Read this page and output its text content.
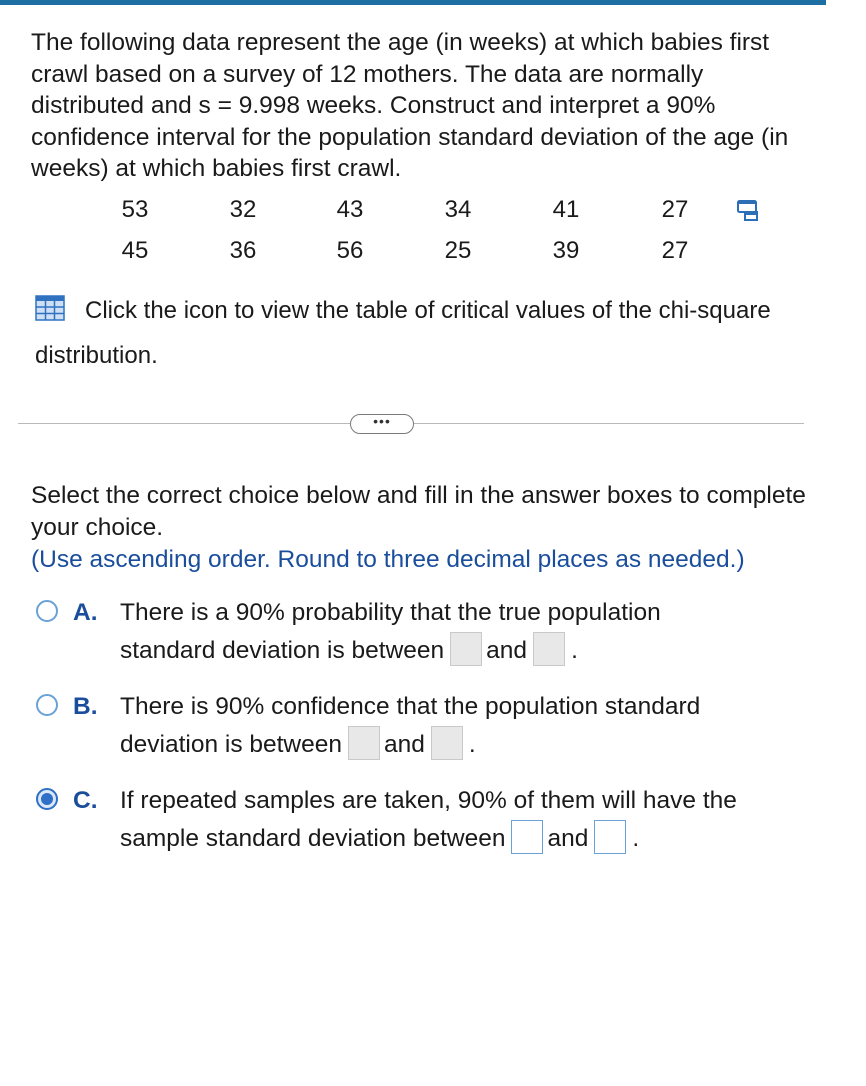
The following data represent the age (in weeks) at which babies first crawl based on a survey of 12 mothers. The data are normally distributed and s = 9.998 weeks. Construct and interpret a 90% confidence interval for the population standard deviation of the age (in weeks) at which babies first crawl.
53	32	43	34	41	27
45	36	56	25	39	27
Click the icon to view the table of critical values of the chi-square distribution.
•••
Select the correct choice below and fill in the answer boxes to complete your choice.
(Use ascending order. Round to three decimal places as needed.)
A. There is a 90% probability that the true population
standard deviation is between and .
B. There is 90% confidence that the population standard
deviation is between and .
C. If repeated samples are taken, 90% of them will have the
sample standard deviation between and .
